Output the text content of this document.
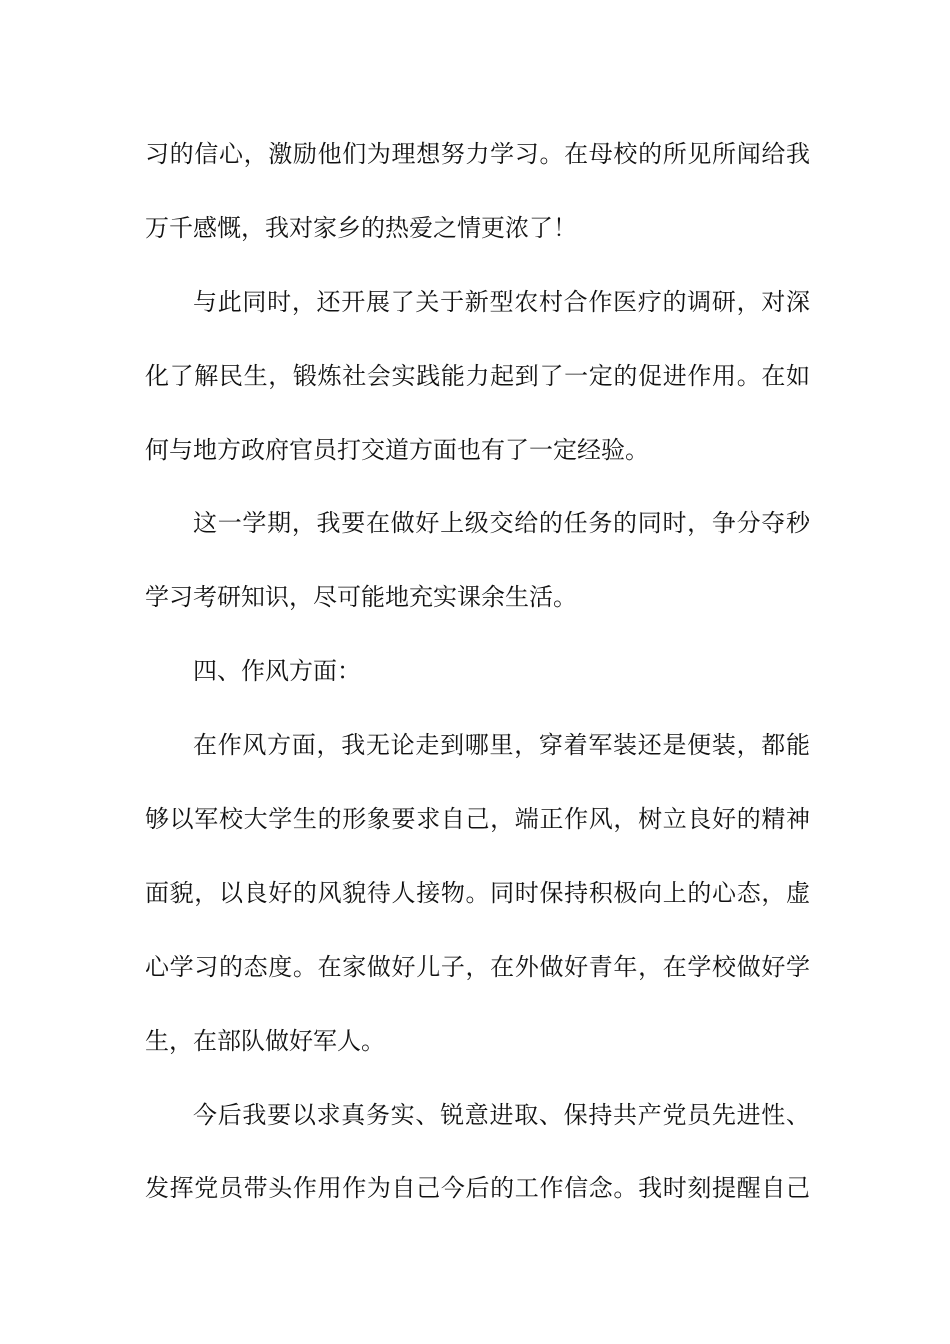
习的信心，激励他们为理想努力学习。在母校的所见所闻给我
万千感慨，我对家乡的热爱之情更浓了！
与此同时，还开展了关于新型农村合作医疗的调研，对深
化了解民生，锻炼社会实践能力起到了一定的促进作用。在如
何与地方政府官员打交道方面也有了一定经验。
这一学期，我要在做好上级交给的任务的同时，争分夺秒
学习考研知识，尽可能地充实课余生活。
四、作风方面：
在作风方面，我无论走到哪里，穿着军装还是便装，都能
够以军校大学生的形象要求自己，端正作风，树立良好的精神
面貌，以良好的风貌待人接物。同时保持积极向上的心态，虚
心学习的态度。在家做好儿子，在外做好青年，在学校做好学
生，在部队做好军人。
今后我要以求真务实、锐意进取、保持共产党员先进性、
发挥党员带头作用作为自己今后的工作信念。我时刻提醒自己
